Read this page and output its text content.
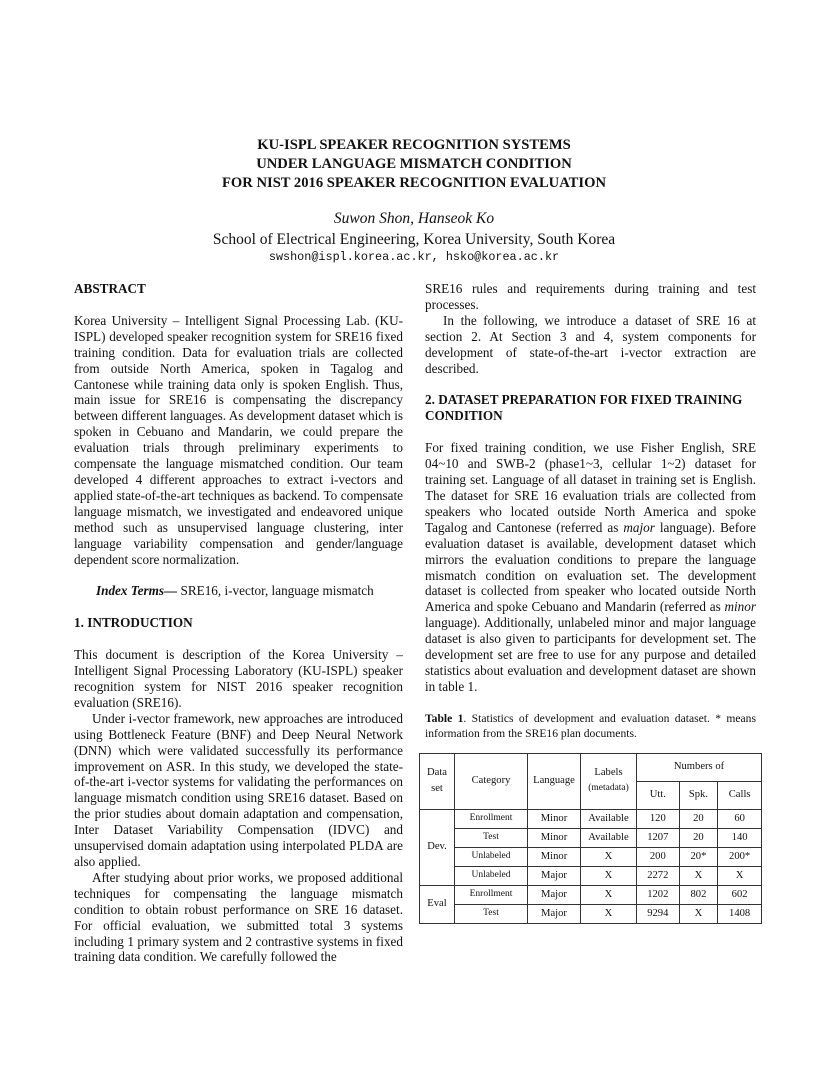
KU-ISPL SPEAKER RECOGNITION SYSTEMS
UNDER LANGUAGE MISMATCH CONDITION
FOR NIST 2016 SPEAKER RECOGNITION EVALUATION
Suwon Shon, Hanseok Ko
School of Electrical Engineering, Korea University, South Korea
swshon@ispl.korea.ac.kr, hsko@korea.ac.kr

ABSTRACT

Korea University – Intelligent Signal Processing Lab. (KU-ISPL) developed speaker recognition system for SRE16 fixed training condition. Data for evaluation trials are collected from outside North America, spoken in Tagalog and Cantonese while training data only is spoken English. Thus, main issue for SRE16 is compensating the discrepancy between different languages. As development dataset which is spoken in Cebuano and Mandarin, we could prepare the evaluation trials through preliminary experiments to compensate the language mismatched condition. Our team developed 4 different approaches to extract i-vectors and applied state-of-the-art techniques as backend. To compensate language mismatch, we investigated and endeavored unique method such as unsupervised language clustering, inter language variability compensation and gender/language dependent score normalization.

Index Terms— SRE16, i-vector, language mismatch

1. INTRODUCTION

This document is description of the Korea University – Intelligent Signal Processing Laboratory (KU-ISPL) speaker recognition system for NIST 2016 speaker recognition evaluation (SRE16).

Under i-vector framework, new approaches are introduced using Bottleneck Feature (BNF) and Deep Neural Network (DNN) which were validated successfully its performance improvement on ASR. In this study, we developed the state-of-the-art i-vector systems for validating the performances on language mismatch condition using SRE16 dataset. Based on the prior studies about domain adaptation and compensation, Inter Dataset Variability Compensation (IDVC) and unsupervised domain adaptation using interpolated PLDA are also applied.

After studying about prior works, we proposed additional techniques for compensating the language mismatch condition to obtain robust performance on SRE 16 dataset. For official evaluation, we submitted total 3 systems including 1 primary system and 2 contrastive systems in fixed training data condition. We carefully followed the

SRE16 rules and requirements during training and test processes.

In the following, we introduce a dataset of SRE 16 at section 2. At Section 3 and 4, system components for development of state-of-the-art i-vector extraction are described.

2. DATASET PREPARATION FOR FIXED TRAINING
CONDITION

For fixed training condition, we use Fisher English, SRE 04~10 and SWB-2 (phase1~3, cellular 1~2) dataset for training set. Language of all dataset in training set is English. The dataset for SRE 16 evaluation trials are collected from speakers who located outside North America and spoke Tagalog and Cantonese (referred as major language). Before evaluation dataset is available, development dataset which mirrors the evaluation conditions to prepare the language mismatch condition on evaluation set. The development dataset is collected from speaker who located outside North America and spoke Cebuano and Mandarin (referred as minor language). Additionally, unlabeled minor and major language dataset is also given to participants for development set. The development set are free to use for any purpose and detailed statistics about evaluation and development dataset are shown in table 1.

Table 1. Statistics of development and evaluation dataset. * means information from the SRE16 plan documents.

Data set	Category	Language	Labels
(metadata)	Numbers of		
				Utt.	Spk.	Calls
Dev.	Enrollment	Minor	Available	120	20	60
	Test	Minor	Available	1207	20	140
	Unlabeled	Minor	X	200	20*	200*
	Unlabeled	Major	X	2272	X	X
Eval	Enrollment	Major	X	1202	802	602
	Test	Major	X	9294	X	1408
